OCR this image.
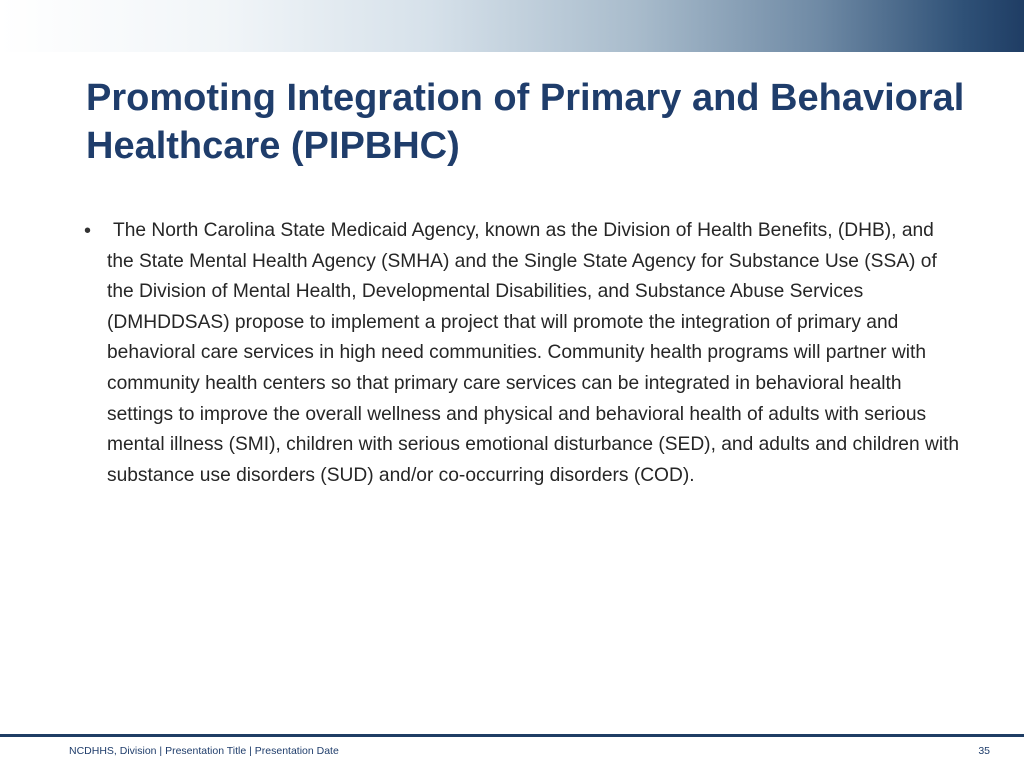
Promoting Integration of Primary and Behavioral Healthcare (PIPBHC)
•	The North Carolina State Medicaid Agency, known as the Division of Health Benefits, (DHB), and the State Mental Health Agency (SMHA) and the Single State Agency for Substance Use (SSA) of the Division of Mental Health, Developmental Disabilities, and Substance Abuse Services (DMHDDSAS) propose to implement a project that will promote the integration of primary and behavioral care services in high need communities. Community health programs will partner with community health centers so that primary care services can be integrated in behavioral health settings to improve the overall wellness and physical and behavioral health of adults with serious mental illness (SMI), children with serious emotional disturbance (SED), and adults and children with substance use disorders (SUD) and/or co-occurring disorders (COD).
NCDHHS, Division | Presentation Title | Presentation Date	35
